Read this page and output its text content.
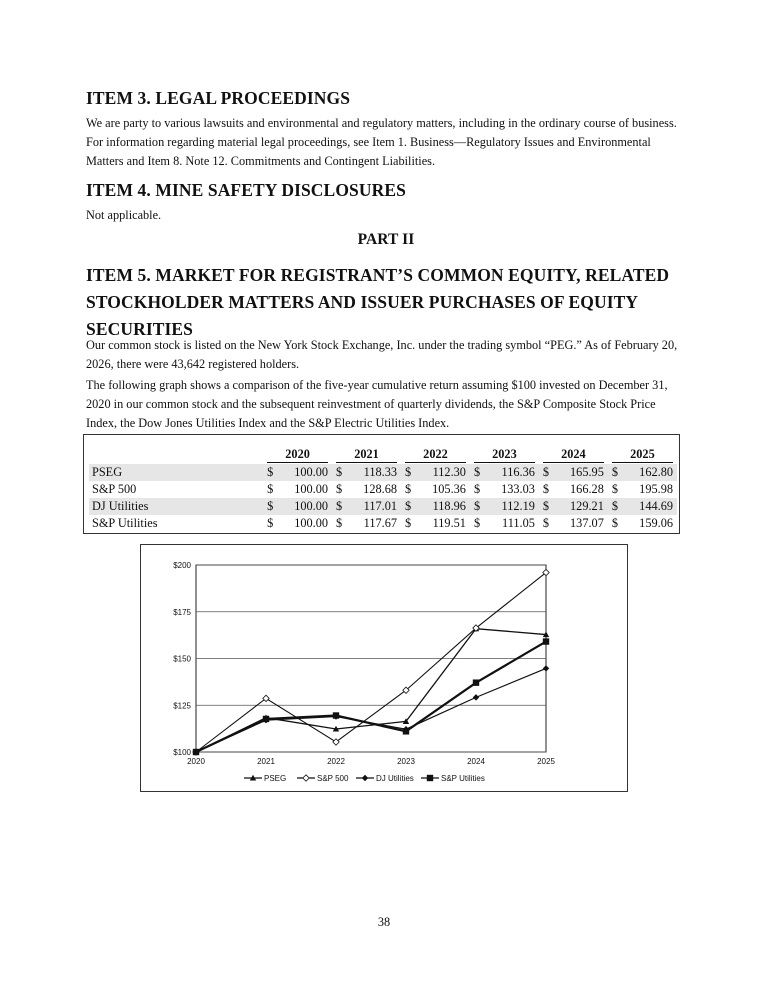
ITEM 3. LEGAL PROCEEDINGS

We are party to various lawsuits and environmental and regulatory matters, including in the ordinary course of business. For information regarding material legal proceedings, see Item 1. Business—Regulatory Issues and Environmental Matters and Item 8. Note 12. Commitments and Contingent Liabilities.

ITEM 4. MINE SAFETY DISCLOSURES

Not applicable.

PART II
ITEM 5. MARKET FOR REGISTRANT’S COMMON EQUITY, RELATED STOCKHOLDER MATTERS AND ISSUER PURCHASES OF EQUITY SECURITIES

Our common stock is listed on the New York Stock Exchange, Inc. under the trading symbol “PEG.” As of February 20, 2026, there were 43,642 registered holders.

The following graph shows a comparison of the five-year cumulative return assuming $100 invested on December 31, 2020 in our common stock and the subsequent reinvestment of quarterly dividends, the S&P Composite Stock Price Index, the Dow Jones Utilities Index and the S&P Electric Utilities Index.

	2020		2021		2022		2023		2024		2025	

PSEG	$	100.00	$	118.33	$	112.30	$	116.36	$	165.95	$	162.80
S&P 500	$	100.00	$	128.68	$	105.36	$	133.03	$	166.28	$	195.98
DJ Utilities	$	100.00	$	117.01	$	118.96	$	112.19	$	129.21	$	144.69
S&P Utilities	$	100.00	$	117.67	$	119.51	$	111.05	$	137.07	$	159.06
$100
$125
$150
$175
$200
2020	2021	2022	2023	2024	2025
PSEG	S&P 500	DJ Utilities	S&P Utilities
38
